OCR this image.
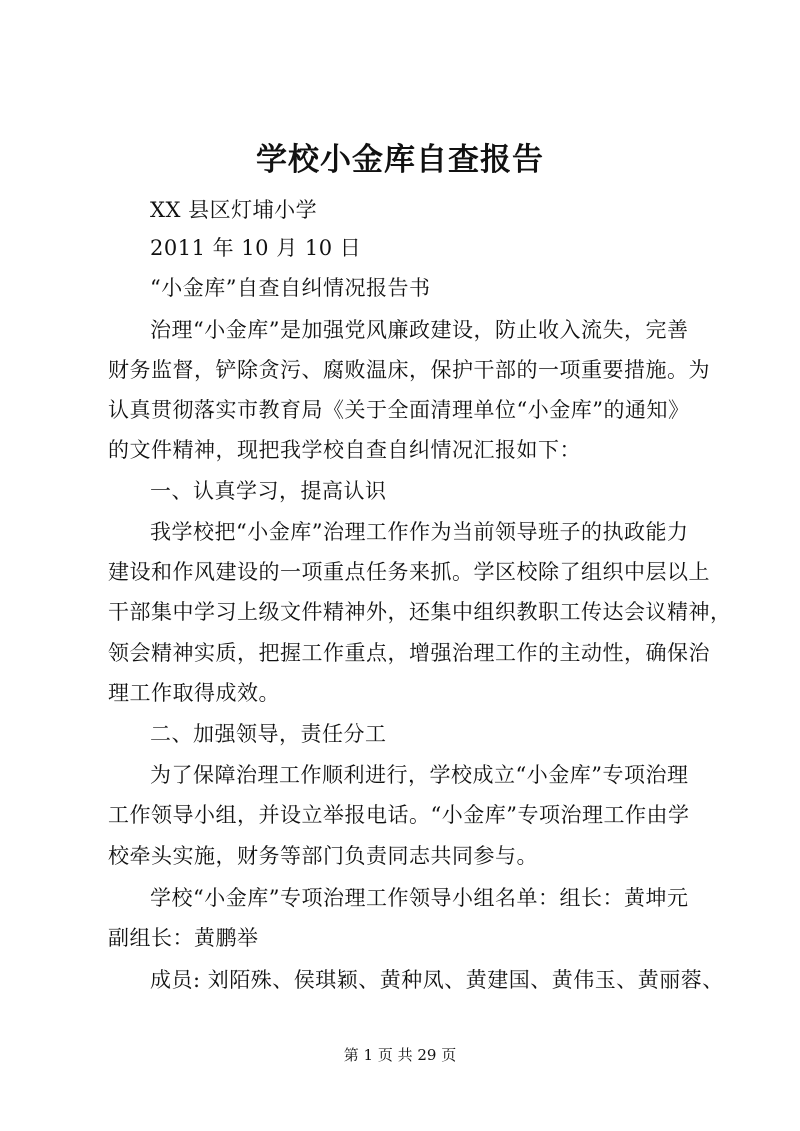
学校小金库自查报告
XX 县区灯埔小学
2011 年 10 月 10 日
“小金库”自查自纠情况报告书
治理“小金库”是加强党风廉政建设，防止收入流失，完善
财务监督，铲除贪污、腐败温床，保护干部的一项重要措施。为
认真贯彻落实市教育局《关于全面清理单位“小金库”的通知》
的文件精神，现把我学校自查自纠情况汇报如下：
一、认真学习，提高认识
我学校把“小金库”治理工作作为当前领导班子的执政能力
建设和作风建设的一项重点任务来抓。学区校除了组织中层以上
干部集中学习上级文件精神外，还集中组织教职工传达会议精神，
领会精神实质，把握工作重点，增强治理工作的主动性，确保治
理工作取得成效。
二、加强领导，责任分工
为了保障治理工作顺利进行，学校成立“小金库”专项治理
工作领导小组，并设立举报电话。“小金库”专项治理工作由学
校牵头实施，财务等部门负责同志共同参与。
学校“小金库”专项治理工作领导小组名单：组长：黄坤元
副组长：黄鹏举
成员: 刘陌殊、侯琪颖、黄种凤、黄建国、黄伟玉、黄丽蓉、
第 1 页 共 29 页
